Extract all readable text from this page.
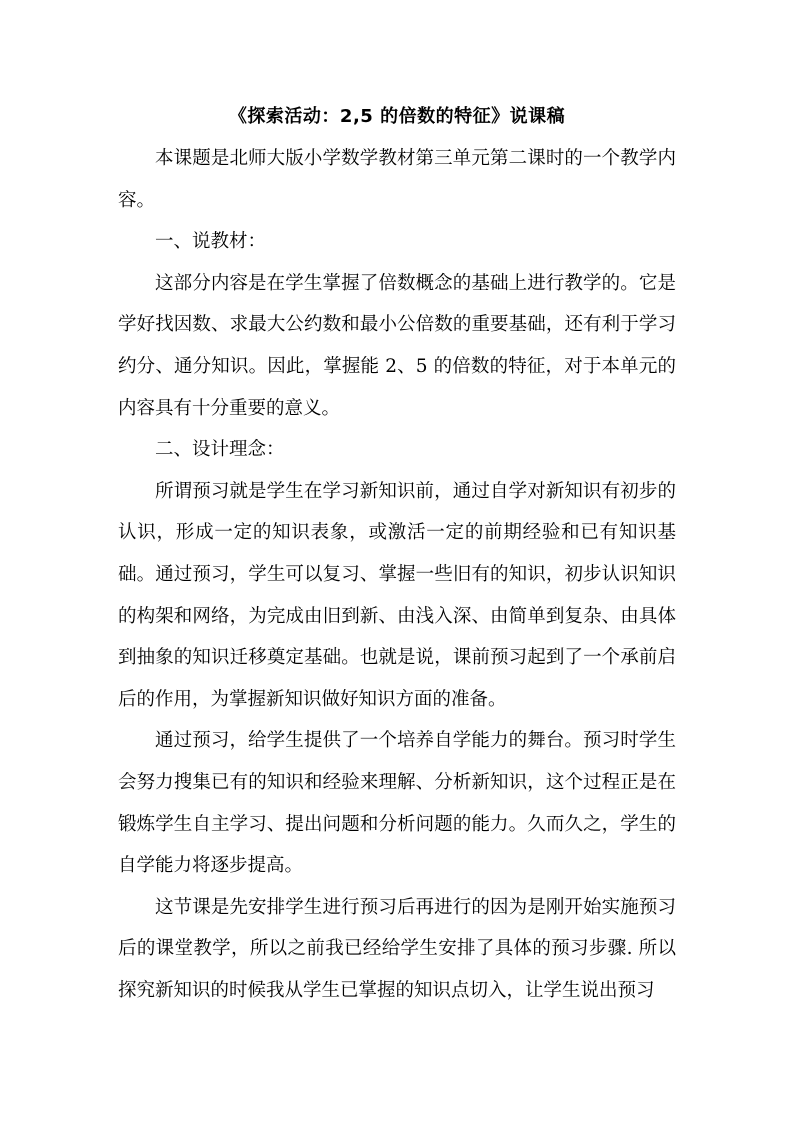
《探索活动：2,5 的倍数的特征》说课稿

本课题是北师大版小学数学教材第三单元第二课时的一个教学内容。

一、说教材：

这部分内容是在学生掌握了倍数概念的基础上进行教学的。它是学好找因数、求最大公约数和最小公倍数的重要基础，还有利于学习约分、通分知识。因此，掌握能 2、5 的倍数的特征，对于本单元的内容具有十分重要的意义。

二、设计理念：

所谓预习就是学生在学习新知识前，通过自学对新知识有初步的认识，形成一定的知识表象，或激活一定的前期经验和已有知识基础。通过预习，学生可以复习、掌握一些旧有的知识，初步认识知识的构架和网络，为完成由旧到新、由浅入深、由简单到复杂、由具体到抽象的知识迁移奠定基础。也就是说，课前预习起到了一个承前启后的作用，为掌握新知识做好知识方面的准备。

通过预习，给学生提供了一个培养自学能力的舞台。预习时学生会努力搜集已有的知识和经验来理解、分析新知识，这个过程正是在锻炼学生自主学习、提出问题和分析问题的能力。久而久之，学生的自学能力将逐步提高。

这节课是先安排学生进行预习后再进行的因为是刚开始实施预习后的课堂教学，所以之前我已经给学生安排了具体的预习步骤. 所以探究新知识的时候我从学生已掌握的知识点切入，让学生说出预习
